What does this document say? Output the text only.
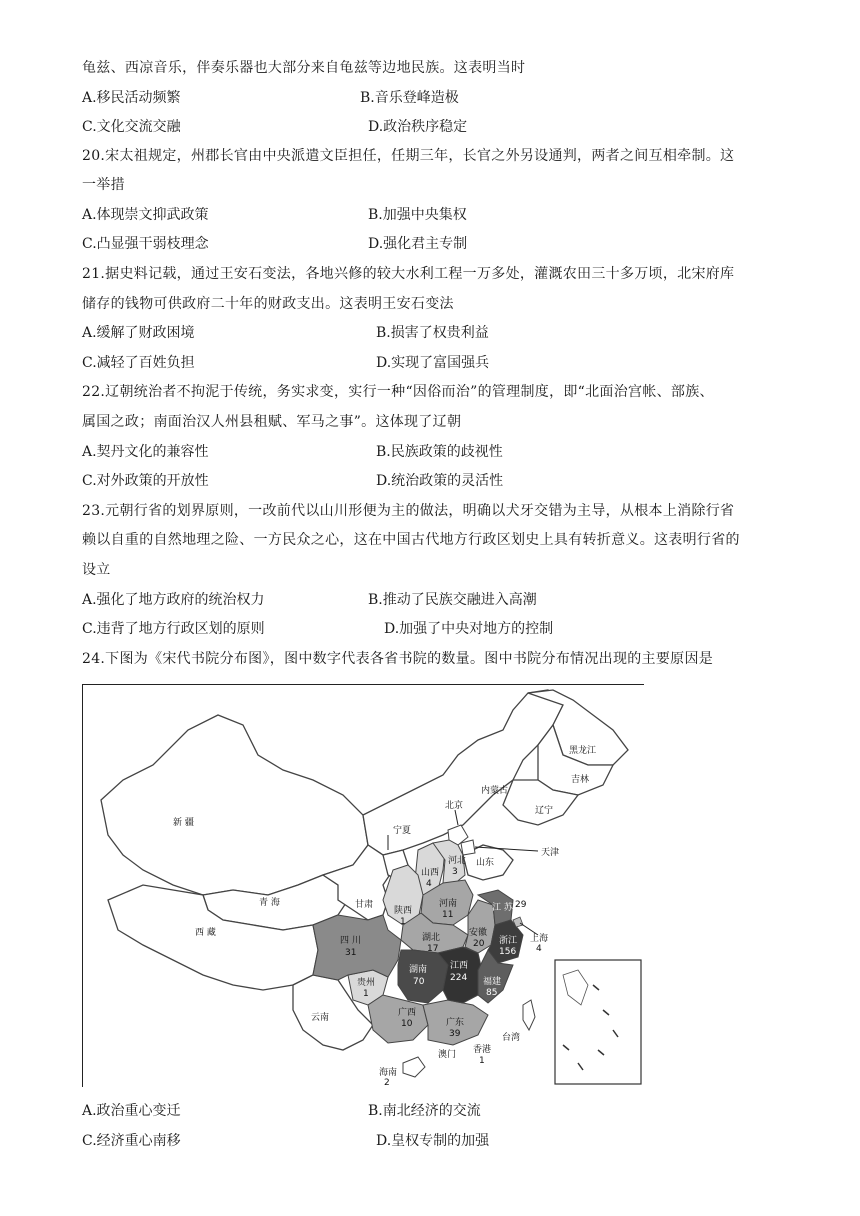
龟兹、西凉音乐，伴奏乐器也大部分来自龟兹等边地民族。这表明当时
A.移民活动频繁	B.音乐登峰造极
C.文化交流交融	D.政治秩序稳定
20.宋太祖规定，州郡长官由中央派遣文臣担任，任期三年，长官之外另设通判，两者之间互相牵制。这
一举措
A.体现崇文抑武政策	B.加强中央集权
C.凸显强干弱枝理念	D.强化君主专制
21.据史料记载，通过王安石变法，各地兴修的较大水利工程一万多处，灌溉农田三十多万顷，北宋府库
储存的钱物可供政府二十年的财政支出。这表明王安石变法
A.缓解了财政困境	B.损害了权贵利益
C.减轻了百姓负担	D.实现了富国强兵
22.辽朝统治者不拘泥于传统，务实求变，实行一种“因俗而治”的管理制度，即“北面治宫帐、部族、
属国之政；南面治汉人州县租赋、军马之事”。这体现了辽朝
A.契丹文化的兼容性	B.民族政策的歧视性
C.对外政策的开放性	D.统治政策的灵活性
23.元朝行省的划界原则，一改前代以山川形便为主的做法，明确以犬牙交错为主导，从根本上消除行省
赖以自重的自然地理之险、一方民众之心，这在中国古代地方行政区划史上具有转折意义。这表明行省的
设立
A.强化了地方政府的统治权力	B.推动了民族交融进入高潮
C.违背了地方行政区划的原则	D.加强了中央对地方的控制
24.下图为《宋代书院分布图》，图中数字代表各省书院的数量。图中书院分布情况出现的主要原因是
黑龙江
吉林
辽宁
内蒙古
北京
天津
新 疆
宁夏
河北
3
山西
4
山东
青 海	甘肃
陕西
1
河南
11
江 苏 29
上海
4
西 藏
四 川
31
湖北
17
安徽
20 浙江
156
湖南
70
江西
224 福建
85
贵州
1
云南	广西
10	广东
39	台湾
香港
1
澳门
海南
2
A.政治重心变迁	B.南北经济的交流
C.经济重心南移	D.皇权专制的加强
